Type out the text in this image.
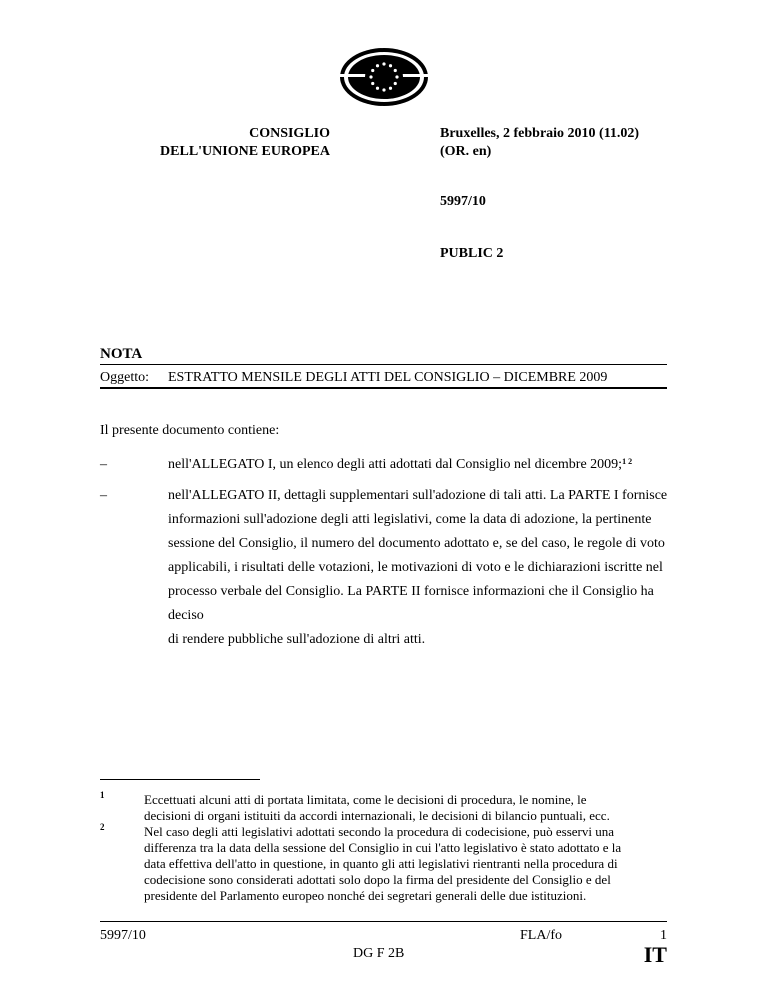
CONSIGLIO
DELL'UNIONE EUROPEA
Bruxelles, 2 febbraio 2010 (11.02)
(OR. en)
5997/10
PUBLIC 2
NOTA
Oggetto: ESTRATTO MENSILE DEGLI ATTI DEL CONSIGLIO – DICEMBRE 2009
Il presente documento contiene:
–	nell'ALLEGATO I, un elenco degli atti adottati dal Consiglio nel dicembre 2009;$^{1 2}$
–	nell'ALLEGATO II, dettagli supplementari sull'adozione di tali atti. La PARTE I fornisce
informazioni sull'adozione degli atti legislativi, come la data di adozione, la pertinente
sessione del Consiglio, il numero del documento adottato e, se del caso, le regole di voto
applicabili, i risultati delle votazioni, le motivazioni di voto e le dichiarazioni iscritte nel
processo verbale del Consiglio. La PARTE II fornisce informazioni che il Consiglio ha deciso
di rendere pubbliche sull'adozione di altri atti.
1	Eccettuati alcuni atti di portata limitata, come le decisioni di procedura, le nomine, le
decisioni di organi istituiti da accordi internazionali, le decisioni di bilancio puntuali, ecc.
2	Nel caso degli atti legislativi adottati secondo la procedura di codecisione, può esservi una
differenza tra la data della sessione del Consiglio in cui l'atto legislativo è stato adottato e la
data effettiva dell'atto in questione, in quanto gli atti legislativi rientranti nella procedura di
codecisione sono considerati adottati solo dopo la firma del presidente del Consiglio e del
presidente del Parlamento europeo nonché dei segretari generali delle due istituzioni.
5997/10
DG F 2B
FLA/fo	1
IT
